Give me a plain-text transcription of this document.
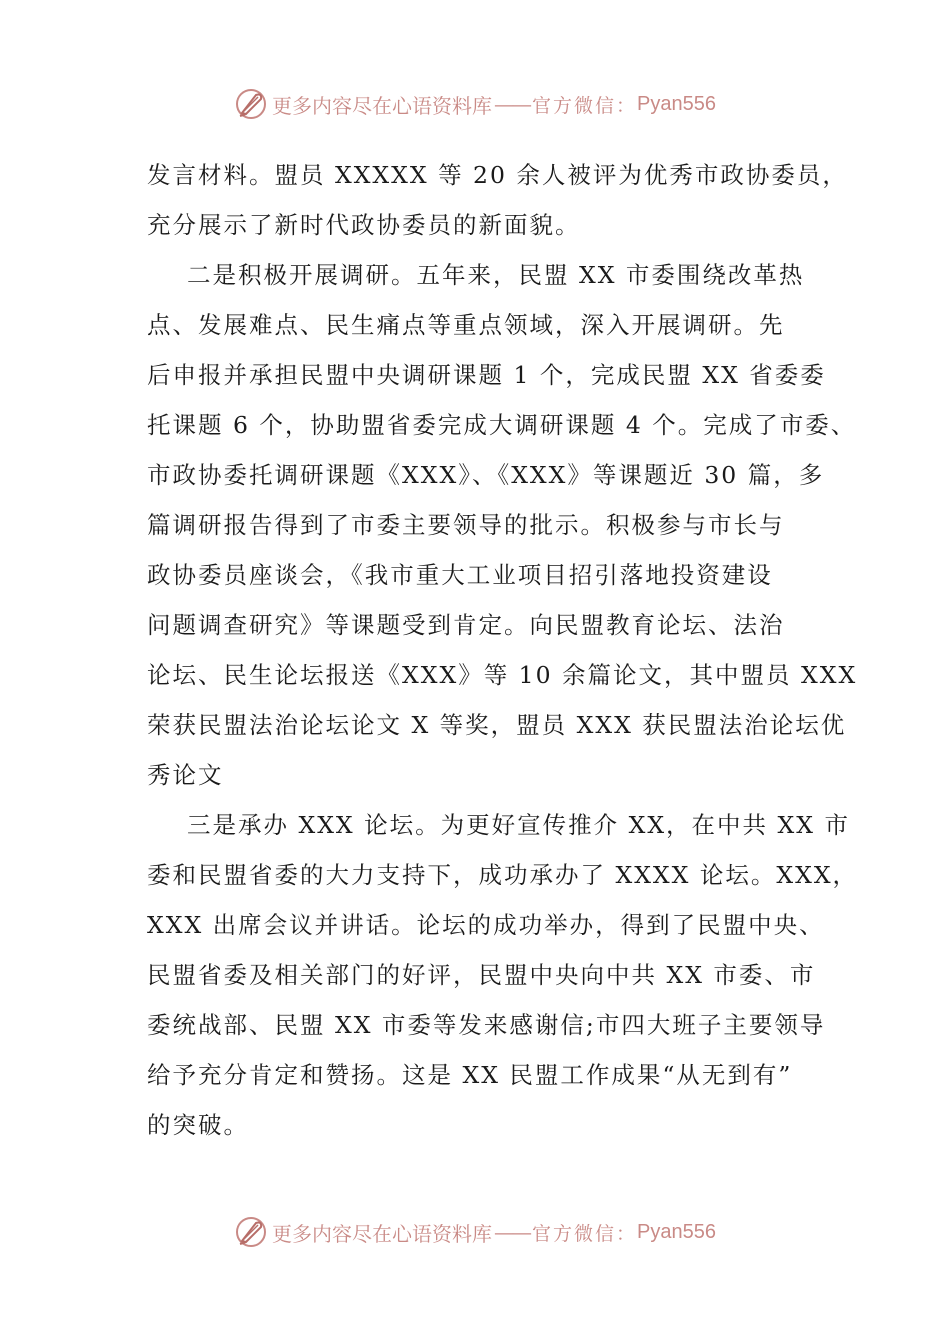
更多内容尽在心语资料库 —— 官方微信： Pyan556
发言材料。盟员 XXXXX 等 20 余人被评为优秀市政协委员，
充分展示了新时代政协委员的新面貌。
二是积极开展调研。五年来，民盟 XX 市委围绕改革热
点、发展难点、民生痛点等重点领域，深入开展调研。先
后申报并承担民盟中央调研课题 1 个，完成民盟 XX 省委委
托课题 6 个，协助盟省委完成大调研课题 4 个。完成了市委、
市政协委托调研课题《XXX》、《XXX》等课题近 30 篇，多
篇调研报告得到了市委主要领导的批示。积极参与市长与
政协委员座谈会，《我市重大工业项目招引落地投资建设
问题调查研究》等课题受到肯定。向民盟教育论坛、法治
论坛、民生论坛报送《XXX》等 10 余篇论文，其中盟员 XXX
荣获民盟法治论坛论文 X 等奖，盟员 XXX 获民盟法治论坛优
秀论文
三是承办 XXX 论坛。为更好宣传推介 XX，在中共 XX 市
委和民盟省委的大力支持下，成功承办了 XXXX 论坛。XXX，
XXX 出席会议并讲话。论坛的成功举办，得到了民盟中央、
民盟省委及相关部门的好评，民盟中央向中共 XX 市委、市
委统战部、民盟 XX 市委等发来感谢信;市四大班子主要领导
给予充分肯定和赞扬。这是 XX 民盟工作成果“从无到有”
的突破。
更多内容尽在心语资料库 —— 官方微信： Pyan556
